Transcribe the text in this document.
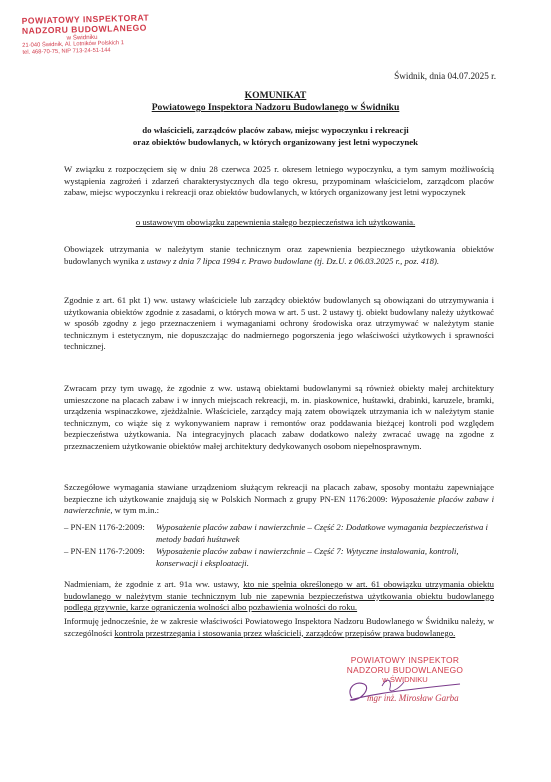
POWIATOWY INSPEKTORAT
NADZORU BUDOWLANEGO
w Świdniku
21-040 Świdnik, Al. Lotników Polskich 1
tel. 468-70-75, NIP 713-24-51-144
Świdnik, dnia 04.07.2025 r.
KOMUNIKAT
Powiatowego Inspektora Nadzoru Budowlanego w Świdniku
do właścicieli, zarządców placów zabaw, miejsc wypoczynku i rekreacji
oraz obiektów budowlanych, w których organizowany jest letni wypoczynek
W związku z rozpoczęciem się w dniu 28 czerwca 2025 r. okresem letniego wypoczynku, a tym samym możliwością wystąpienia zagrożeń i zdarzeń charakterystycznych dla tego okresu, przypominam właścicielom, zarządcom placów zabaw, miejsc wypoczynku i rekreacji oraz obiektów budowlanych, w których organizowany jest letni wypoczynek
o ustawowym obowiązku zapewnienia stałego bezpieczeństwa ich użytkowania.
Obowiązek utrzymania w należytym stanie technicznym oraz zapewnienia bezpiecznego użytkowania obiektów budowlanych wynika z ustawy z dnia 7 lipca 1994 r. Prawo budowlane (tj. Dz.U. z 06.03.2025 r., poz. 418).
Zgodnie z art. 61 pkt 1) ww. ustawy właściciele lub zarządcy obiektów budowlanych są obowiązani do utrzymywania i użytkowania obiektów zgodnie z zasadami, o których mowa w art. 5 ust. 2 ustawy tj. obiekt budowlany należy użytkować w sposób zgodny z jego przeznaczeniem i wymaganiami ochrony środowiska oraz utrzymywać w należytym stanie technicznym i estetycznym, nie dopuszczając do nadmiernego pogorszenia jego właściwości użytkowych i sprawności technicznej.
Zwracam przy tym uwagę, że zgodnie z ww. ustawą obiektami budowlanymi są również obiekty małej architektury umieszczone na placach zabaw i w innych miejscach rekreacji, m. in. piaskownice, huśtawki, drabinki, karuzele, bramki, urządzenia wspinaczkowe, zjeżdżalnie. Właściciele, zarządcy mają zatem obowiązek utrzymania ich w należytym stanie technicznym, co wiąże się z wykonywaniem napraw i remontów oraz poddawania bieżącej kontroli pod względem bezpieczeństwa użytkowania. Na integracyjnych placach zabaw dodatkowo należy zwracać uwagę na zgodne z przeznaczeniem użytkowanie obiektów małej architektury dedykowanych osobom niepełnosprawnym.
Szczegółowe wymagania stawiane urządzeniom służącym rekreacji na placach zabaw, sposoby montażu zapewniające bezpieczne ich użytkowanie znajdują się w Polskich Normach z grupy PN-EN 1176:2009: Wyposażenie placów zabaw i nawierzchnie, w tym m.in.:
– PN-EN 1176-2:2009:	Wyposażenie placów zabaw i nawierzchnie – Część 2: Dodatkowe wymagania bezpieczeństwa i metody badań huśtawek
– PN-EN 1176-7:2009:	Wyposażenie placów zabaw i nawierzchnie – Część 7: Wytyczne instalowania, kontroli, konserwacji i eksploatacji.
Nadmieniam, że zgodnie z art. 91a ww. ustawy, kto nie spełnia określonego w art. 61 obowiązku utrzymania obiektu budowlanego w należytym stanie technicznym lub nie zapewnia bezpieczeństwa użytkowania obiektu budowlanego podlega grzywnie, karze ograniczenia wolności albo pozbawienia wolności do roku.
Informuję jednocześnie, że w zakresie właściwości Powiatowego Inspektora Nadzoru Budowlanego w Świdniku należy, w szczególności kontrola przestrzegania i stosowania przez właścicieli, zarządców przepisów prawa budowlanego.
POWIATOWY INSPEKTOR
NADZORU BUDOWLANEGO
w ŚWIDNIKU
mgr inż. Mirosław Garba
